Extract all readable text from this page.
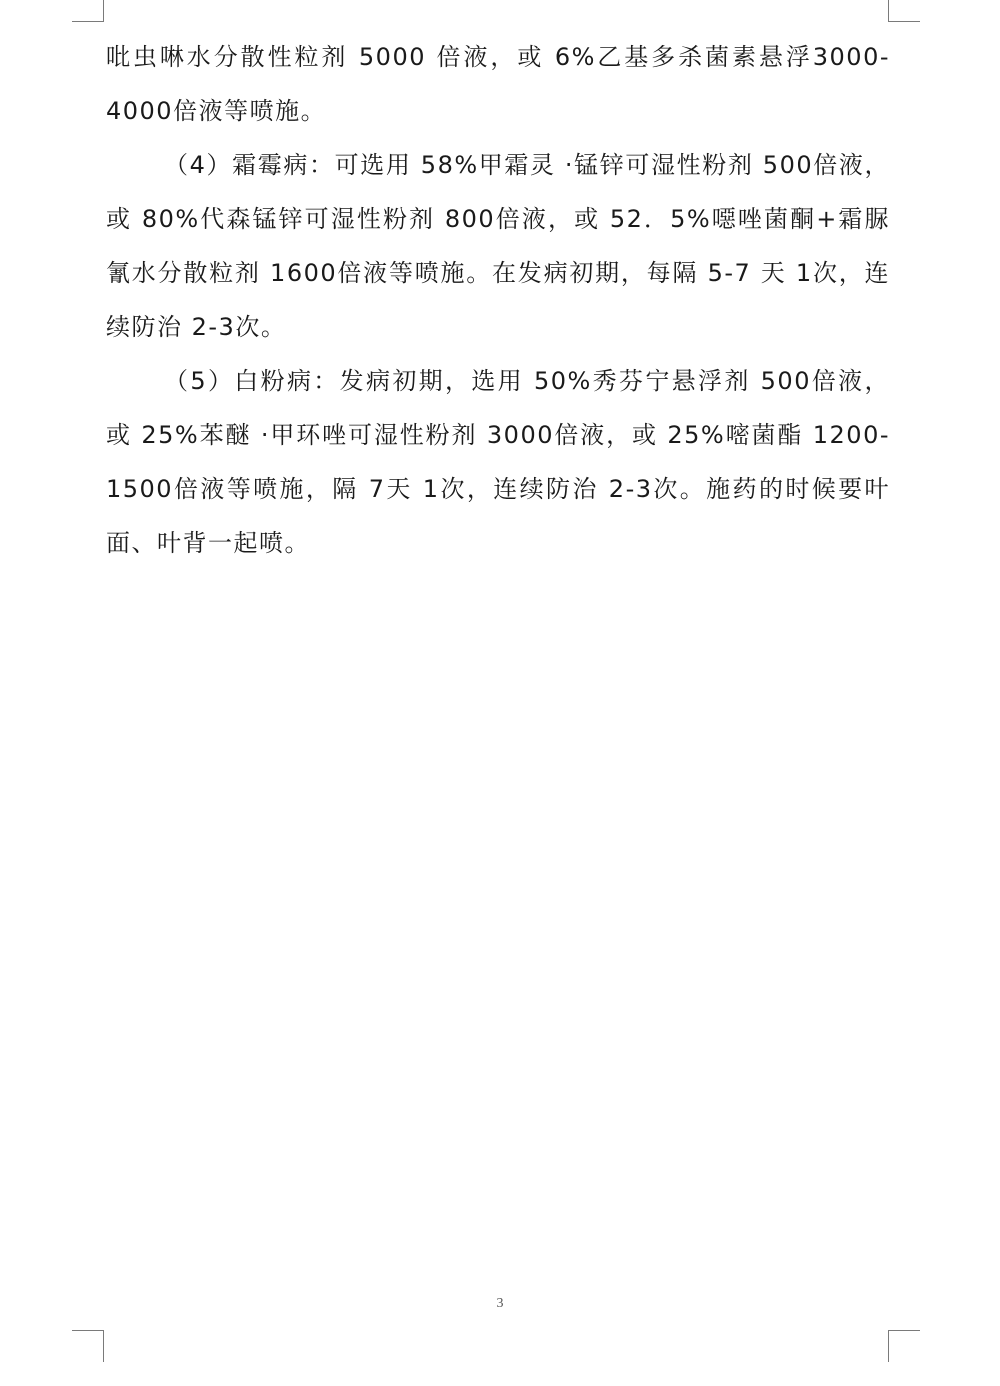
吡虫啉水分散性粒剂 5000 倍液，或 6%乙基多杀菌素悬浮3000-4000倍液等喷施。

（4）霜霉病：可选用 58%甲霜灵 ·锰锌可湿性粉剂 500倍液，或 80%代森锰锌可湿性粉剂 800倍液，或 52．5%噁唑菌酮+霜脲氰水分散粒剂 1600倍液等喷施。在发病初期，每隔 5-7 天 1次，连续防治 2-3次。

（5）白粉病：发病初期，选用 50%秀芬宁悬浮剂 500倍液，或 25%苯醚 ·甲环唑可湿性粉剂 3000倍液，或 25%嘧菌酯 1200-1500倍液等喷施，隔 7天 1次，连续防治 2-3次。施药的时候要叶面、叶背一起喷。

3
